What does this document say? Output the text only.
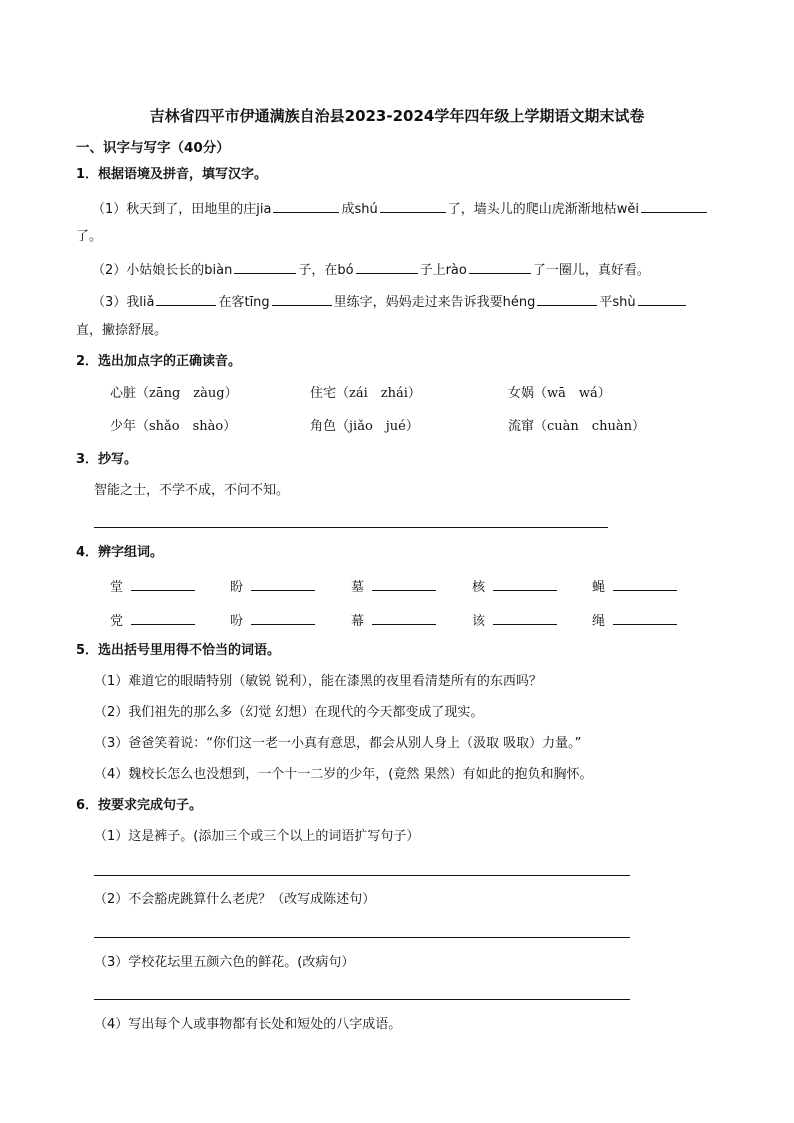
吉林省四平市伊通满族自治县2023-2024学年四年级上学期语文期末试卷
一、识字与写字（40分）
1．根据语境及拼音，填写汉字。
（1）秋天到了，田地里的庄jia	成shú	了，墙头儿的爬山虎渐渐地枯wěi
了。
（2）小姑娘长长的biàn	子，在bó	子上rào	了一圈儿，真好看。
（3）我liǎ	在客tīng	里练字，妈妈走过来告诉我要héng	平shù
直，撇捺舒展。
2．选出加点字的正确读音。
心脏（zāng　zàug）	住宅（zái　zhái）	女娲（wā　wá）
少年（shǎo　shào）	角色（jiǎo　jué）	流窜（cuàn　chuàn）
3．抄写。
智能之士，不学不成，不问不知。
4．辨字组词。
堂	盼	墓	核	蝇
党	吩	幕	该	绳
5．选出括号里用得不恰当的词语。
（1）难道它的眼睛特别（敏锐 锐利），能在漆黑的夜里看清楚所有的东西吗？
（2）我们祖先的那么多（幻觉 幻想）在现代的今天都变成了现实。
（3）爸爸笑着说：“你们这一老一小真有意思，都会从别人身上（汲取 吸取）力量。”
（4）魏校长怎么也没想到，一个十一二岁的少年，(竟然 果然）有如此的抱负和胸怀。
6．按要求完成句子。
（1）这是裤子。(添加三个或三个以上的词语扩写句子）
（2）不会豁虎跳算什么老虎？（改写成陈述句）
（3）学校花坛里五颜六色的鲜花。(改病句）
（4）写出每个人或事物都有长处和短处的八字成语。
